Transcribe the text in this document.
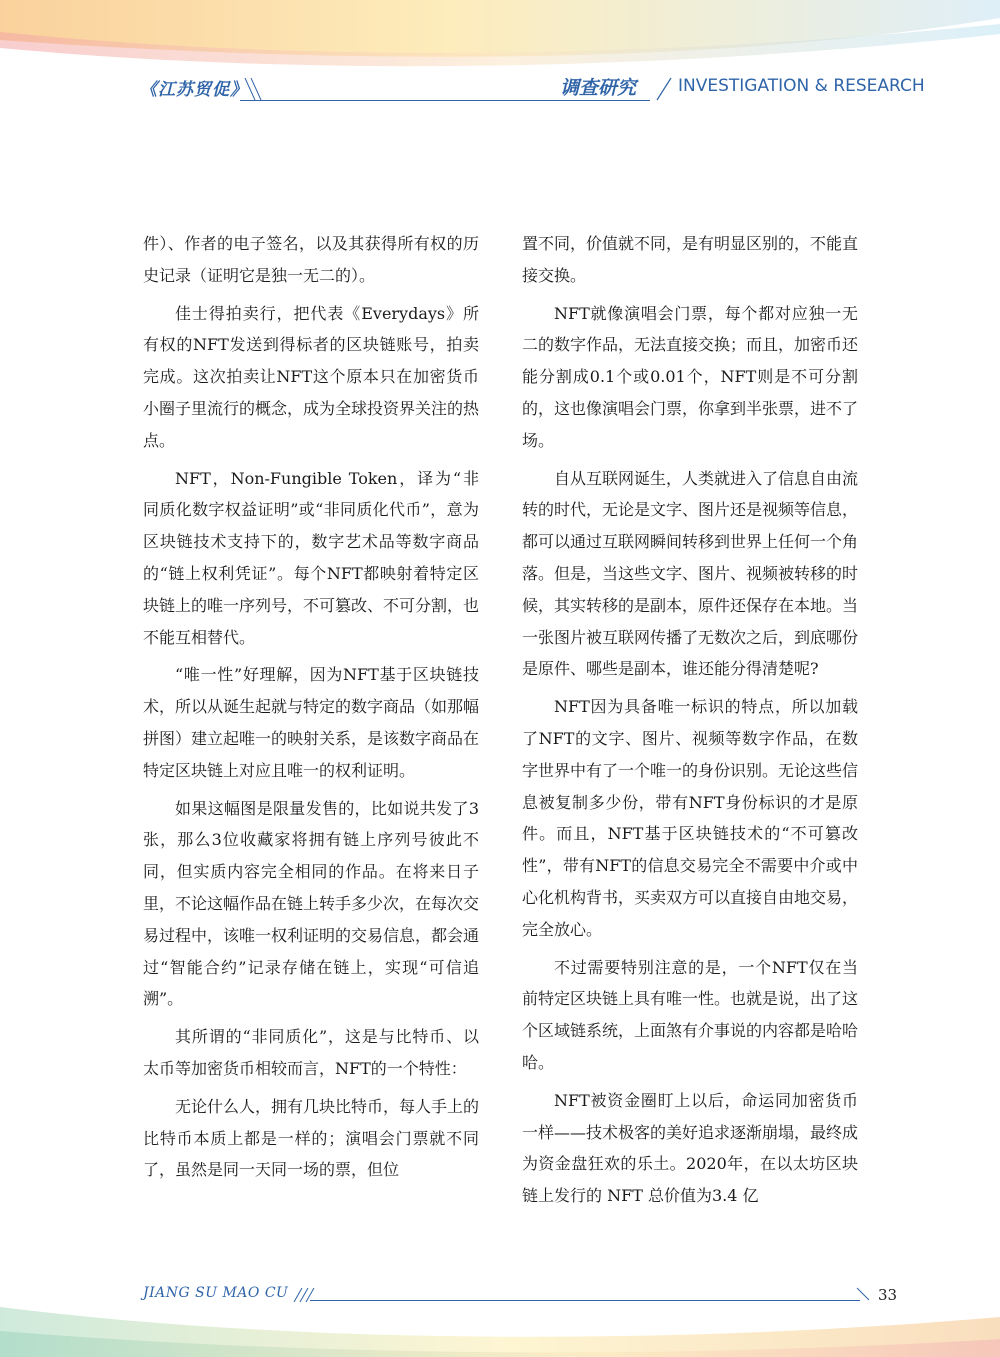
《江苏贸促》	调查研究 INVESTIGATION & RESEARCH

件）、作者的电子签名，以及其获得所有权的历史记录（证明它是独一无二的）。

佳士得拍卖行，把代表《Everydays》所有权的NFT发送到得标者的区块链账号，拍卖完成。这次拍卖让NFT这个原本只在加密货币小圈子里流行的概念，成为全球投资界关注的热点。

NFT，Non-Fungible Token，译为“非同质化数字权益证明”或“非同质化代币”，意为区块链技术支持下的，数字艺术品等数字商品的“链上权利凭证”。每个NFT都映射着特定区块链上的唯一序列号，不可篡改、不可分割，也不能互相替代。

“唯一性”好理解，因为NFT基于区块链技术，所以从诞生起就与特定的数字商品（如那幅拼图）建立起唯一的映射关系，是该数字商品在特定区块链上对应且唯一的权利证明。

如果这幅图是限量发售的，比如说共发了3张，那么3位收藏家将拥有链上序列号彼此不同，但实质内容完全相同的作品。在将来日子里，不论这幅作品在链上转手多少次，在每次交易过程中，该唯一权利证明的交易信息，都会通过“智能合约”记录存储在链上，实现“可信追溯”。

其所谓的“非同质化”，这是与比特币、以太币等加密货币相较而言，NFT的一个特性：

无论什么人，拥有几块比特币，每人手上的比特币本质上都是一样的；演唱会门票就不同了，虽然是同一天同一场的票，但位

置不同，价值就不同，是有明显区别的，不能直接交换。

NFT就像演唱会门票，每个都对应独一无二的数字作品，无法直接交换；而且，加密币还能分割成0.1个或0.01个，NFT则是不可分割的，这也像演唱会门票，你拿到半张票，进不了场。

自从互联网诞生，人类就进入了信息自由流转的时代，无论是文字、图片还是视频等信息，都可以通过互联网瞬间转移到世界上任何一个角落。但是，当这些文字、图片、视频被转移的时候，其实转移的是副本，原件还保存在本地。当一张图片被互联网传播了无数次之后，到底哪份是原件、哪些是副本，谁还能分得清楚呢?

NFT因为具备唯一标识的特点，所以加载了NFT的文字、图片、视频等数字作品，在数字世界中有了一个唯一的身份识别。无论这些信息被复制多少份，带有NFT身份标识的才是原件。而且，NFT基于区块链技术的“不可篡改性”，带有NFT的信息交易完全不需要中介或中心化机构背书，买卖双方可以直接自由地交易，完全放心。

不过需要特别注意的是，一个NFT仅在当前特定区块链上具有唯一性。也就是说，出了这个区域链系统，上面煞有介事说的内容都是哈哈哈。

NFT被资金圈盯上以后，命运同加密货币一样——技术极客的美好追求逐渐崩塌，最终成为资金盘狂欢的乐土。2020年，在以太坊区块链上发行的 NFT 总价值为3.4 亿

JIANG SU MAO CU	33
